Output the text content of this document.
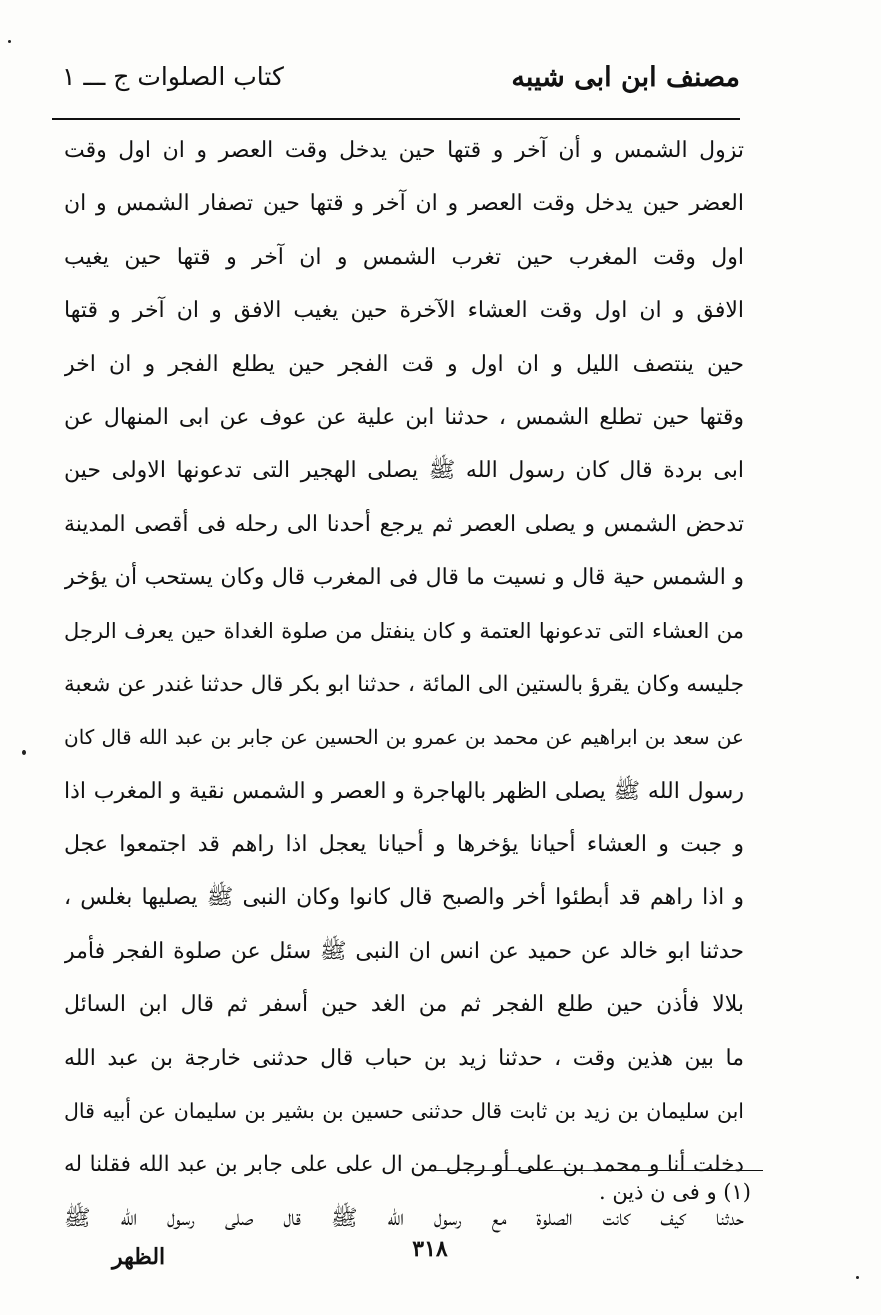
مصنف ابن ابى شيبه
كتاب الصلوات ج ـــ ١
تزول الشمس و أن آخر و قتها حين يدخل وقت العصر و ان اول وقت
العضر حين يدخل وقت العصر و ان آخر و قتها حين تصفار الشمس و ان
اول وقت المغرب حين تغرب الشمس و ان آخر و قتها حين يغيب
الافق و ان اول وقت العشاء الآخرة حين يغيب الافق و ان آخر و قتها
حين ينتصف الليل و ان اول و قت الفجر حين يطلع الفجر و ان اخر
وقتها حين تطلع الشمس ، حدثنا ابن علية عن عوف عن ابى المنهال عن
ابى بردة قال كان رسول الله ﷺ يصلى الهجير التى تدعونها الاولى حين
تدحض الشمس و يصلى العصر ثم يرجع أحدنا الى رحله فى أقصى المدينة
و الشمس حية قال و نسيت ما قال فى المغرب قال وكان يستحب أن يؤخر
من العشاء التى تدعونها العتمة و كان ينفتل من صلوة الغداة حين يعرف الرجل
جليسه وكان يقرؤ بالستين الى المائة ، حدثنا ابو بكر قال حدثنا غندر عن شعبة
عن سعد بن ابراهيم عن محمد بن عمرو بن الحسين عن جابر بن عبد الله قال كان
رسول الله ﷺ يصلى الظهر بالهاجرة و العصر و الشمس نقية و المغرب اذا
و جبت و العشاء أحيانا يؤخرها و أحيانا يعجل اذا راهم قد اجتمعوا عجل
و اذا راهم قد أبطئوا أخر والصبح قال كانوا وكان النبى ﷺ يصليها بغلس ،
حدثنا ابو خالد عن حميد عن انس ان النبى ﷺ سئل عن صلوة الفجر فأمر
بلالا فأذن حين طلع الفجر ثم من الغد حين أسفر ثم قال ابن السائل
ما بين هذين وقت ، حدثنا زيد بن حباب قال حدثنى خارجة بن عبد الله
ابن سليمان بن زيد بن ثابت قال حدثنى حسين بن بشير بن سليمان عن أبيه قال
دخلت أنا و محمد بن على أو رجل من ال على على جابر بن عبد الله فقلنا له
حدثنا كيف كانت الصلوة مع رسول الله ﷺ قال صلى رسول الله ﷺ
(١) و فى ن ذين .
٣١٨
الظهر
